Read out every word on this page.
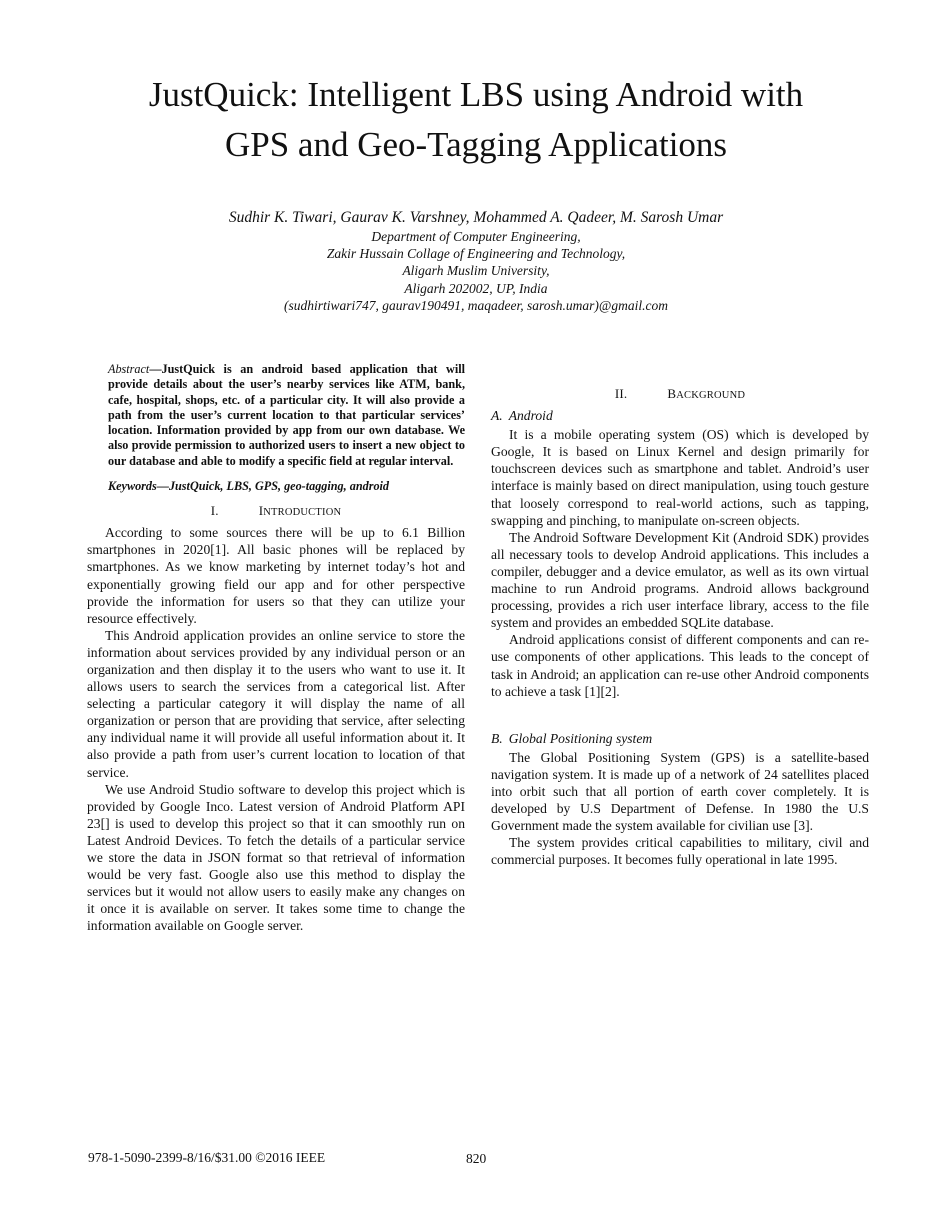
JustQuick: Intelligent LBS using Android with
GPS and Geo-Tagging Applications
Sudhir K. Tiwari, Gaurav K. Varshney, Mohammed A. Qadeer, M. Sarosh Umar
Department of Computer Engineering,
Zakir Hussain Collage of Engineering and Technology,
Aligarh Muslim University,
Aligarh 202002, UP, India
(sudhirtiwari747, gaurav190491, maqadeer, sarosh.umar)@gmail.com
Abstract—JustQuick is an android based application that will provide details about the user’s nearby services like ATM, bank, cafe, hospital, shops, etc. of a particular city. It will also provide a path from the user’s current location to that particular services’ location. Information provided by app from our own database. We also provide permission to authorized users to insert a new object to our database and able to modify a specific field at regular interval.
Keywords—JustQuick, LBS, GPS, geo-tagging, android
I.	INTRODUCTION

According to some sources there will be up to 6.1 Billion smartphones in 2020[1]. All basic phones will be replaced by smartphones. As we know marketing by internet today’s hot and exponentially growing field our app and for other perspective provide the information for users so that they can utilize your resource effectively.

This Android application provides an online service to store the information about services provided by any individual person or an organization and then display it to the users who want to use it. It allows users to search the services from a categorical list. After selecting a particular category it will display the name of all organization or person that are providing that service, after selecting any individual name it will provide all useful information about it. It also provide a path from user’s current location to location of that service.

We use Android Studio software to develop this project which is provided by Google Inco. Latest version of Android Platform API 23[] is used to develop this project so that it can smoothly run on Latest Android Devices. To fetch the details of a particular service we store the data in JSON format so that retrieval of information would be very fast. Google also use this method to display the services but it would not allow users to easily make any changes on it once it is available on server. It takes some time to change the information available on Google server.

II.	BACKGROUND
A. Android

It is a mobile operating system (OS) which is developed by Google, It is based on Linux Kernel and design primarily for touchscreen devices such as smartphone and tablet. Android’s user interface is mainly based on direct manipulation, using touch gesture that loosely correspond to real-world actions, such as tapping, swapping and pinching, to manipulate on-screen objects.

The Android Software Development Kit (Android SDK) provides all necessary tools to develop Android applications. This includes a compiler, debugger and a device emulator, as well as its own virtual machine to run Android programs. Android allows background processing, provides a rich user interface library, access to the file system and provides an embedded SQLite database.

Android applications consist of different components and can re-use components of other applications. This leads to the concept of task in Android; an application can re-use other Android components to achieve a task [1][2].

B. Global Positioning system

The Global Positioning System (GPS) is a satellite-based navigation system. It is made up of a network of 24 satellites placed into orbit such that all portion of earth cover completely. It is developed by U.S Department of Defense. In 1980 the U.S Government made the system available for civilian use [3].

The system provides critical capabilities to military, civil and commercial purposes. It becomes fully operational in late 1995.

978-1-5090-2399-8/16/$31.00 ©2016 IEEE	820
